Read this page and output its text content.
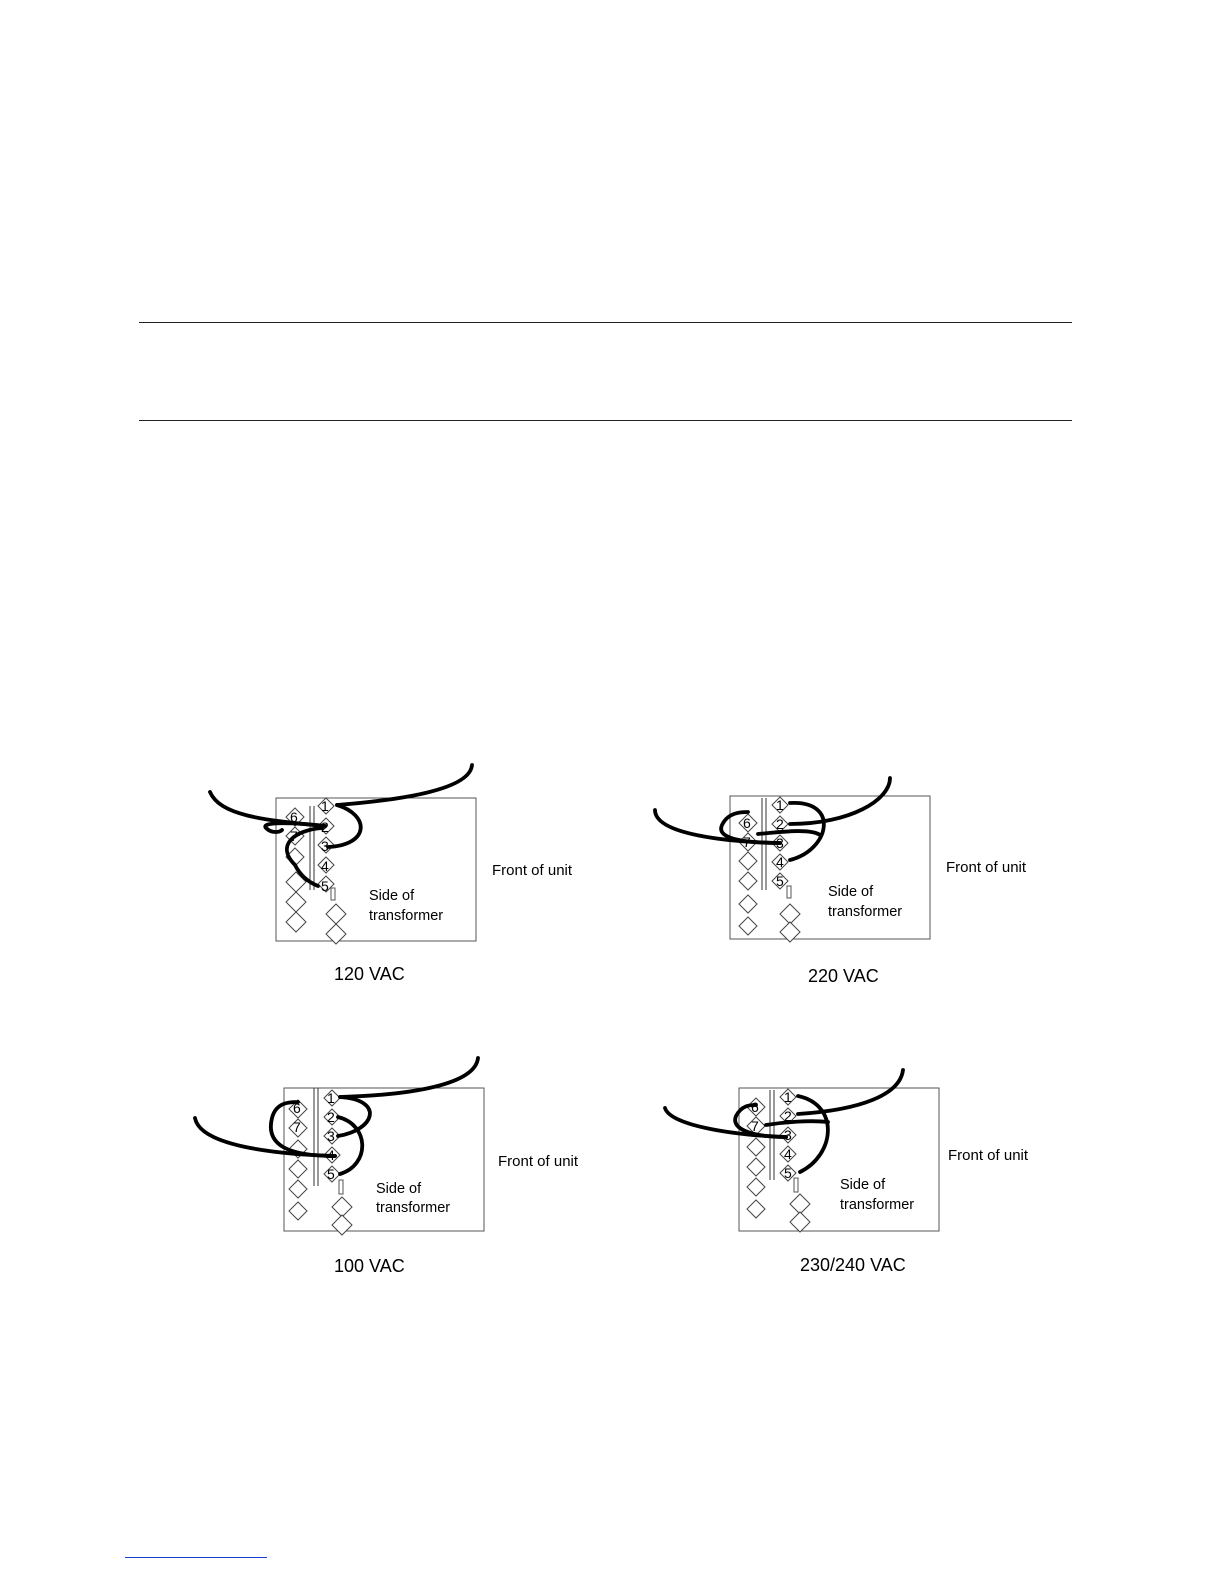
6
7
1
2
3
4
5
Side of
transformer
Front of unit
120 VAC
6
7
1
2
3
4
5
Side of
transformer
Front of unit
220 VAC
6
7
1
2
3
4
5
Side of
transformer
Front of unit
100 VAC
6
7
1
2
3
4
5
Side of
transformer
Front of unit
230/240 VAC
